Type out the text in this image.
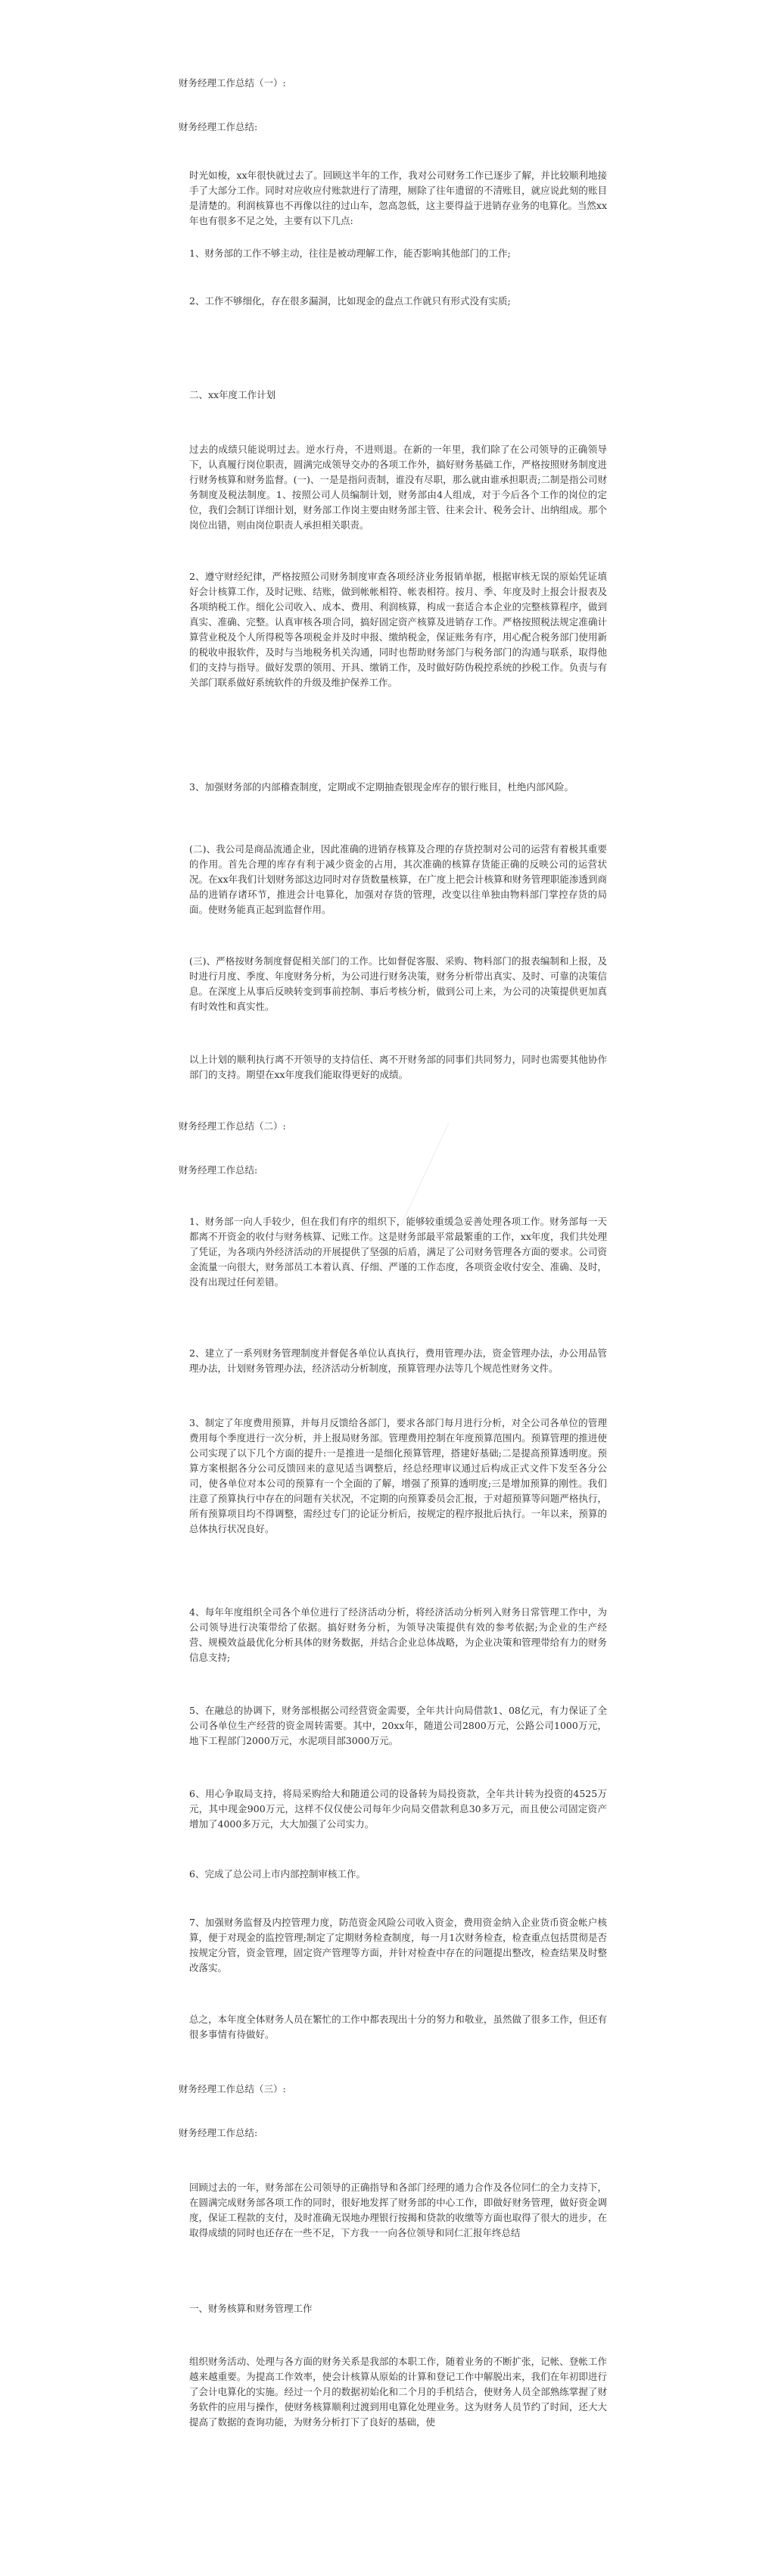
财务经理工作总结（一）:

财务经理工作总结:

时光如梭，xx年很快就过去了。回顾这半年的工作，我对公司财务工作已逐步了解，并比较顺利地接手了大部分工作。同时对应收应付账款进行了清理，厕除了往年遗留的不清账目，就应说此刻的账目是清楚的。利润核算也不再像以往的过山车，忽高忽低，这主要得益于进销存业务的电算化。当然xx年也有很多不足之处，主要有以下几点:

1、财务部的工作不够主动，往往是被动理解工作，能否影响其他部门的工作;

2、工作不够细化，存在很多漏洞，比如现金的盘点工作就只有形式没有实质;

二、xx年度工作计划

过去的成绩只能说明过去。逆水行舟，不进则退。在新的一年里，我们除了在公司领导的正确领导下，认真履行岗位职责，圆满完成领导交办的各项工作外，搞好财务基础工作，严格按照财务制度进行财务核算和财务监督。(一)、一是是指问责制，谁没有尽职，那么就由谁承担职责;二制是指公司财务制度及税法制度。1、按照公司人员编制计划，财务部由4人组成，对于今后各个工作的岗位的定位，我们会制订详细计划，财务部工作岗主要由财务部主管、往来会计、税务会计、出纳组成。那个岗位出错，则由岗位职责人承担相关职责。

2、遵守财经纪律，严格按照公司财务制度审查各项经济业务报销单据，根据审核无误的原始凭证填好会计核算工作，及时记账、结账，做到帐帐相符、帐表相符。按月、季、年度及时上报会计报表及各项纳税工作。细化公司收入、成本、费用、利润核算，构成一套适合本企业的完整核算程序，做到真实、准确、完整。认真审核各项合同，搞好固定资产核算及进销存工作。严格按照税法规定准确计算营业税及个人所得税等各项税金并及时申报、缴纳税金，保证账务有序，用心配合税务部门使用新的税收申报软件，及时与当地税务机关沟通，同时也帮助财务部门与税务部门的沟通与联系，取得他们的支持与指导。做好发票的领用、开具、缴销工作，及时做好防伪税控系统的抄税工作。负责与有关部门联系做好系统软件的升级及维护保养工作。

3、加强财务部的内部稽查制度，定期或不定期抽查银现金库存的银行账目，杜绝内部风险。

(二)、我公司是商品流通企业，因此准确的进销存核算及合理的存货控制对公司的运营有着极其重要的作用。首先合理的库存有利于减少资金的占用，其次准确的核算存货能正确的反映公司的运营状况。在xx年我们计划财务部这边同时对存货数量核算，在广度上把会计核算和财务管理职能渗透到商品的进销存诸环节，推进会计电算化，加强对存货的管理，改变以往单独由物料部门掌控存货的局面。使财务能真正起到监督作用。

(三)、严格按财务制度督促相关部门的工作。比如督促客服、采购、物料部门的报表编制和上报，及时进行月度、季度、年度财务分析，为公司进行财务决策，财务分析带出真实、及时、可靠的决策信息。在深度上从事后反映转变到事前控制、事后考核分析，做到公司上来，为公司的决策提供更加真有时效性和真实性。

以上计划的顺利执行离不开领导的支持信任、离不开财务部的同事们共同努力，同时也需要其他协作部门的支持。期望在xx年度我们能取得更好的成绩。

财务经理工作总结（二）:

财务经理工作总结:

1、财务部一向人手较少，但在我们有序的组织下，能够较重缓急妥善处理各项工作。财务部每一天都离不开资金的收付与财务核算、记账工作。这是财务部最平常最繁重的工作，xx年度，我们共处理了凭证，为各项内外经济活动的开展提供了坚强的后盾，满足了公司财务管理各方面的要求。公司资金流量一向很大，财务部员工本着认真、仔细、严谨的工作态度，各项资金收付安全、准确、及时，没有出现过任何差错。

2、建立了一系列财务管理制度并督促各单位认真执行，费用管理办法，资金管理办法，办公用品管理办法，计划财务管理办法，经济活动分析制度，预算管理办法等几个规范性财务文件。

3、制定了年度费用预算，并每月反馈给各部门，要求各部门每月进行分析，对全公司各单位的管理费用每个季度进行一次分析，并上报局财务部。管理费用控制在年度预算范围内。预算管理的推进使公司实现了以下几个方面的提升:一是推进一是细化预算管理，搭建好基础;二是提高预算透明度。预算方案根据各分公司反馈回来的意见适当调整后，经总经理审议通过后构成正式文件下发至各分公司，使各单位对本公司的预算有一个全面的了解，增强了预算的透明度;三是增加预算的刚性。我们注意了预算执行中存在的问题有关状况，不定期的向预算委员会汇报，于对超预算等问题严格执行，所有预算项目均不得调整，需经过专门的论证分析后，按规定的程序报批后执行。一年以来，预算的总体执行状况良好。

4、每年年度组织全司各个单位进行了经济活动分析，将经济活动分析列入财务日常管理工作中，为公司领导进行决策带给了依据。搞好财务分析，为领导决策提供有效的参考依据;为企业的生产经营、规模效益最优化分析具体的财务数据，并结合企业总体战略，为企业决策和管理带给有力的财务信息支持;

5、在融总的协调下，财务部根据公司经营资金需要，全年共计向局借款1、08亿元，有力保证了全公司各单位生产经营的资金周转需要。其中，20xx年，随道公司2800万元，公路公司1000万元，地下工程部门2000万元，水泥项目部3000万元。

6、用心争取局支持，将局采购给大和随道公司的设备转为局投资款，全年共计转为投资的4525万元，其中现金900万元，这样不仅仅使公司每年少向局交借款利息30多万元，而且使公司固定资产增加了4000多万元，大大加强了公司实力。

6、完成了总公司上市内部控制审核工作。

7、加强财务监督及内控管理力度，防范资金风险公司收入资金，费用资金纳入企业货币资金帐户核算，便于对现金的监控管理;制定了定期财务检查制度，每一月1次财务检查，检查重点包括贯彻是否按规定分管，资金管理，固定资产管理等方面，并针对检查中存在的问题提出整改，检查结果及时整改落实。

总之，本年度全体财务人员在繁忙的工作中都表现出十分的努力和敬业，虽然做了很多工作，但还有很多事情有待做好。

财务经理工作总结（三）:

财务经理工作总结:

回顾过去的一年，财务部在公司领导的正确指导和各部门经理的通力合作及各位同仁的全力支持下，在圆满完成财务部各项工作的同时，很好地发挥了财务部的中心工作，即做好财务管理，做好资金调度，保证工程款的支付，及时准确无误地办理银行按揭和贷款的收缴等方面也取得了很大的进步，在取得成绩的同时也还存在一些不足，下方我一一向各位领导和同仁汇报年终总结

一、财务核算和财务管理工作

组织财务活动、处理与各方面的财务关系是我部的本职工作，随着业务的不断扩张，记帐、登帐工作越来越重要。为提高工作效率，使会计核算从原始的计算和登记工作中解脱出来，我们在年初即进行了会计电算化的实施。经过一个月的数据初始化和二个月的手机结合，使财务人员全部熟练掌握了财务软件的应用与操作，使财务核算顺利过渡到用电算化处理业务。这为财务人员节约了时间，还大大提高了数据的查询功能，为财务分析打下了良好的基础，使
